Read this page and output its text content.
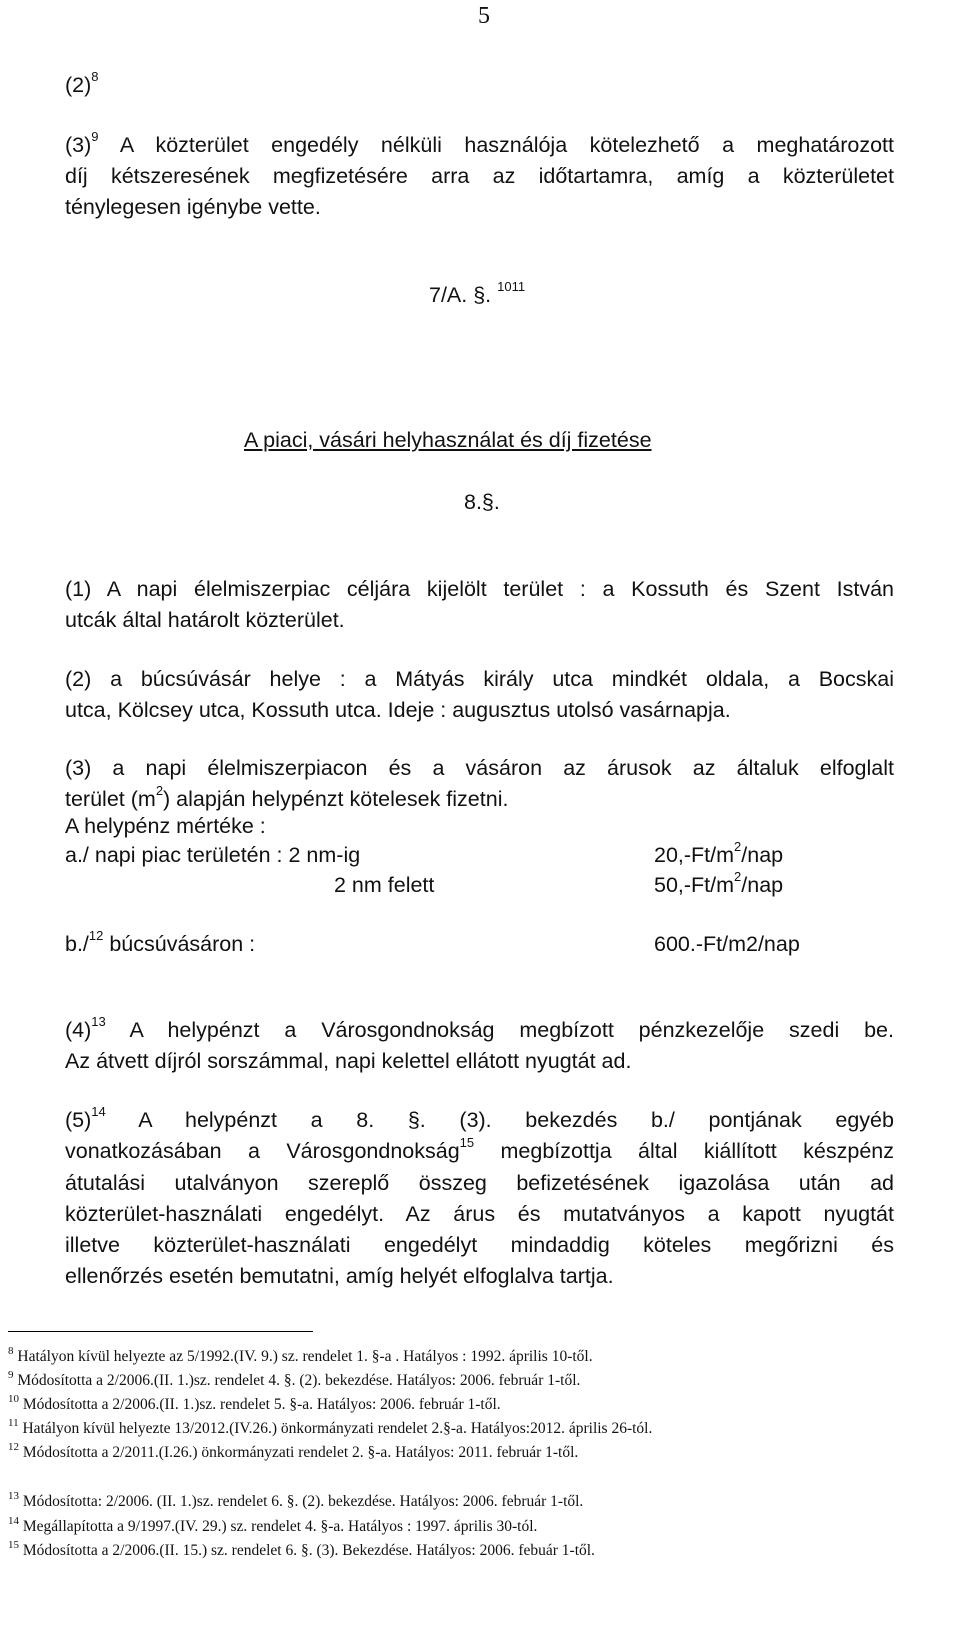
5
$(2)^8$
$(3)^9$ A közterület engedély nélküli használója kötelezhető a meghatározott
díj kétszeresének megfizetésére arra az időtartamra, amíg a közterületet
ténylegesen igénybe vette.
7/A. §. $^{1011}$
A piaci, vásári helyhasználat és díj fizetése
8.§.
(1) A napi élelmiszerpiac céljára kijelölt terület : a Kossuth és Szent István
utcák által határolt közterület.
(2) a búcsúvásár helye : a Mátyás király utca mindkét oldala, a Bocskai
utca, Kölcsey utca, Kossuth utca. Ideje : augusztus utolsó vasárnapja.
(3) a napi élelmiszerpiacon és a vásáron az árusok az általuk elfoglalt
terület $(m^2)$ alapján helypénzt kötelesek fizetni.
A helypénz mértéke :
a./ napi piac területén : 2 nm-ig	$20,-Ft/m^2$/nap
2 nm felett	$50,-Ft/m^2$/nap
b./$^{12}$ búcsúvásáron :	600.-Ft/m2/nap
$(4)^{13}$ A helypénzt a Városgondnokság megbízott pénzkezelője szedi be.
Az átvett díjról sorszámmal, napi kelettel ellátott nyugtát ad.
$(5)^{14}$ A helypénzt a 8. §. (3). bekezdés b./ pontjának egyéb
vonatkozásában a Városgondnokság$^{15}$ megbízottja által kiállított készpénz
átutalási utalványon szereplő összeg befizetésének igazolása után ad
közterület-használati engedélyt. Az árus és mutatványos a kapott nyugtát
illetve közterület-használati engedélyt mindaddig köteles megőrizni és
ellenőrzés esetén bemutatni, amíg helyét elfoglalva tartja.
$^8$ Hatályon kívül helyezte az 5/1992.(IV. 9.) sz. rendelet 1. §-a . Hatályos : 1992. április 10-től.
$^9$ Módosította a 2/2006.(II. 1.)sz. rendelet 4. §. (2). bekezdése. Hatályos: 2006. február 1-től.
$^{10}$ Módosította a 2/2006.(II. 1.)sz. rendelet 5. §-a. Hatályos: 2006. február 1-től.
$^{11}$ Hatályon kívül helyezte 13/2012.(IV.26.) önkormányzati rendelet 2.§-a. Hatályos:2012. április 26-tól.
$^{12}$ Módosította a 2/2011.(I.26.) önkormányzati rendelet 2. §-a. Hatályos: 2011. február 1-től.
$^{13}$ Módosította: 2/2006. (II. 1.)sz. rendelet 6. §. (2). bekezdése. Hatályos: 2006. február 1-től.
$^{14}$ Megállapította a 9/1997.(IV. 29.) sz. rendelet 4. §-a. Hatályos : 1997. április 30-tól.
$^{15}$ Módosította a 2/2006.(II. 15.) sz. rendelet 6. §. (3). Bekezdése. Hatályos: 2006. febuár 1-től.
